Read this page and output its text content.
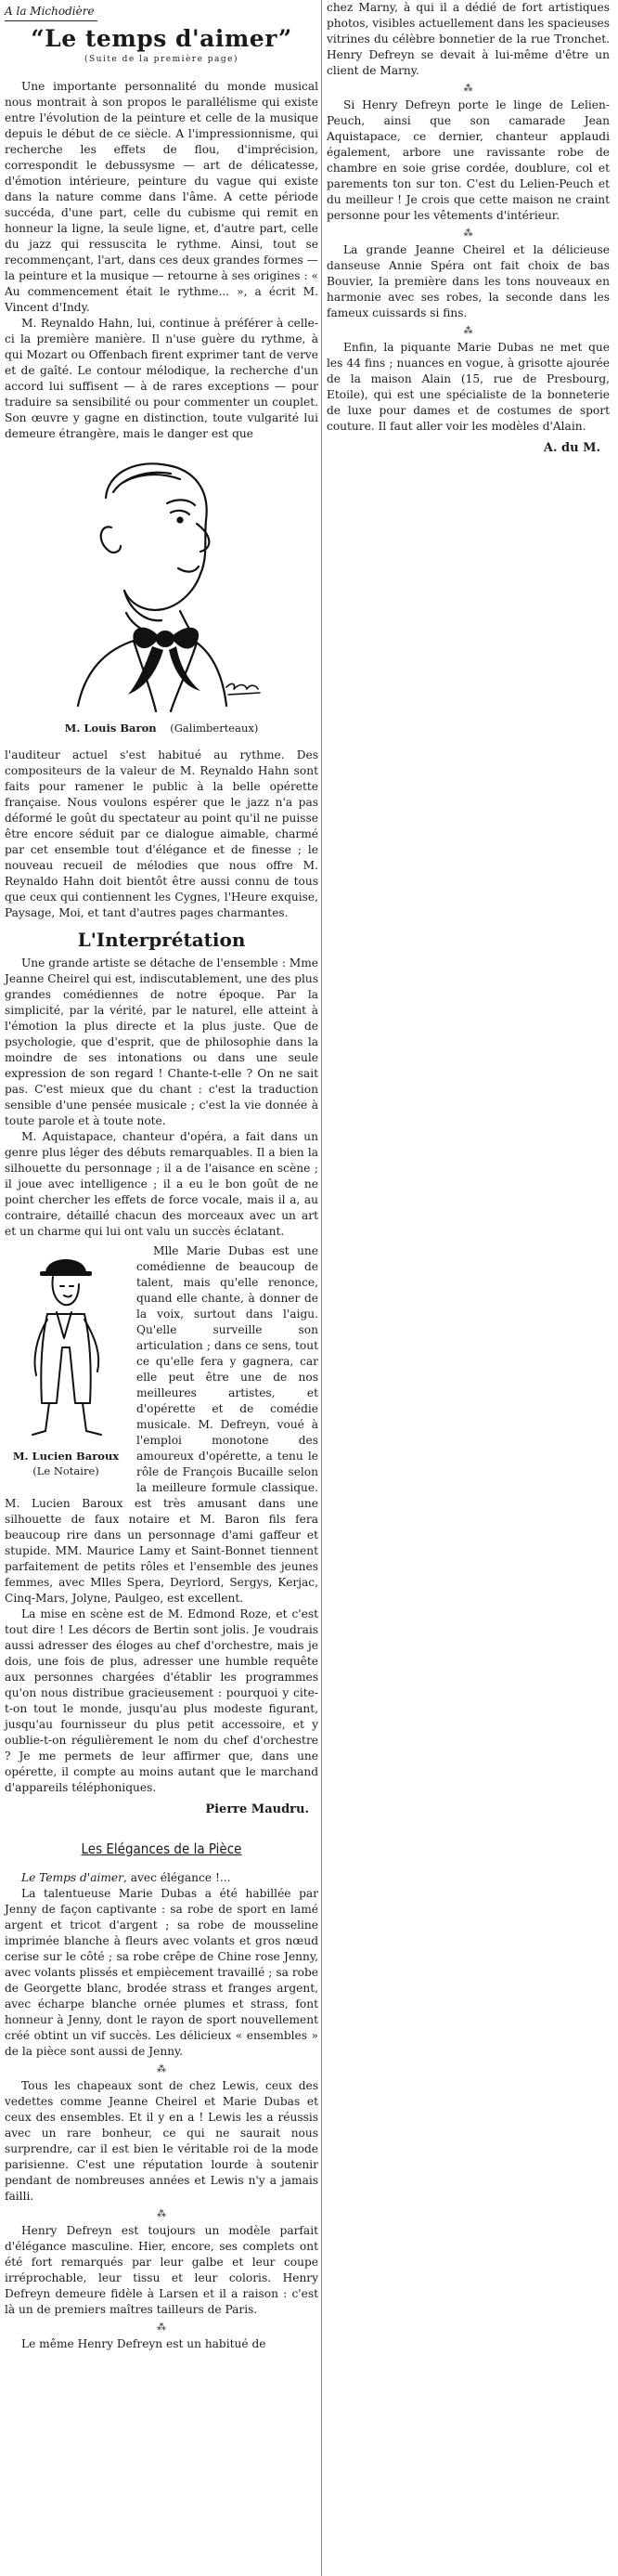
A la Michodière
“Le temps d'aimer”
(Suite de la première page)

Une importante personnalité du monde musical nous montrait à son propos le parallélisme qui existe entre l'évolution de la peinture et celle de la musique depuis le début de ce siècle. A l'impressionnisme, qui recherche les effets de flou, d'imprécision, correspondit le debussysme — art de délicatesse, d'émotion intérieure, peinture du vague qui existe dans la nature comme dans l'âme. A cette période succéda, d'une part, celle du cubisme qui remit en honneur la ligne, la seule ligne, et, d'autre part, celle du jazz qui ressuscita le rythme. Ainsi, tout se recommençant, l'art, dans ces deux grandes formes — la peinture et la musique — retourne à ses origines : « Au commencement était le rythme... », a écrit M. Vincent d'Indy.

M. Reynaldo Hahn, lui, continue à préférer à celle-ci la première manière. Il n'use guère du rythme, à qui Mozart ou Offenbach firent exprimer tant de verve et de gaîté. Le contour mélodique, la recherche d'un accord lui suffisent — à de rares exceptions — pour traduire sa sensibilité ou pour commenter un couplet. Son œuvre y gagne en distinction, toute vulgarité lui demeure étrangère, mais le danger est que

M. Louis Baron (Galimberteaux)

l'auditeur actuel s'est habitué au rythme. Des compositeurs de la valeur de M. Reynaldo Hahn sont faits pour ramener le public à la belle opérette française. Nous voulons espérer que le jazz n'a pas déformé le goût du spectateur au point qu'il ne puisse être encore séduit par ce dialogue aimable, charmé par cet ensemble tout d'élégance et de finesse ; le nouveau recueil de mélodies que nous offre M. Reynaldo Hahn doit bientôt être aussi connu de tous que ceux qui contiennent les Cygnes, l'Heure exquise, Paysage, Moi, et tant d'autres pages charmantes.

L'Interprétation

Une grande artiste se détache de l'ensemble : Mme Jeanne Cheirel qui est, indiscutablement, une des plus grandes comédiennes de notre époque. Par la simplicité, par la vérité, par le naturel, elle atteint à l'émotion la plus directe et la plus juste. Que de psychologie, que d'esprit, que de philosophie dans la moindre de ses intonations ou dans une seule expression de son regard ! Chante-t-elle ? On ne sait pas. C'est mieux que du chant : c'est la traduction sensible d'une pensée musicale ; c'est la vie donnée à toute parole et à toute note.

M. Aquistapace, chanteur d'opéra, a fait dans un genre plus léger des débuts remarquables. Il a bien la silhouette du personnage ; il a de l'aisance en scène ; il joue avec intelligence ; il a eu le bon goût de ne point chercher les effets de force vocale, mais il a, au contraire, détaillé chacun des morceaux avec un art et un charme qui lui ont valu un succès éclatant.

M. Lucien Baroux
(Le Notaire)

Mlle Marie Dubas est une comédienne de beaucoup de talent, mais qu'elle renonce, quand elle chante, à donner de la voix, surtout dans l'aigu. Qu'elle surveille son articulation ; dans ce sens, tout ce qu'elle fera y gagnera, car elle peut être une de nos meilleures artistes, et d'opérette et de comédie musicale. M. Defreyn, voué à l'emploi monotone des amoureux d'opérette, a tenu le rôle de François Bucaille selon la meilleure formule classique. M. Lucien Baroux est très amusant dans une silhouette de faux notaire et M. Baron fils fera beaucoup rire dans un personnage d'ami gaffeur et stupide. MM. Maurice Lamy et Saint-Bonnet tiennent parfaitement de petits rôles et l'ensemble des jeunes femmes, avec Mlles Spera, Deyrlord, Sergys, Kerjac, Cinq-Mars, Jolyne, Paulgeo, est excellent.

La mise en scène est de M. Edmond Roze, et c'est tout dire ! Les décors de Bertin sont jolis. Je voudrais aussi adresser des éloges au chef d'orchestre, mais je dois, une fois de plus, adresser une humble requête aux personnes chargées d'établir les programmes qu'on nous distribue gracieusement : pourquoi y cite-t-on tout le monde, jusqu'au plus modeste figurant, jusqu'au fournisseur du plus petit accessoire, et y oublie-t-on régulièrement le nom du chef d'orchestre ? Je me permets de leur affirmer que, dans une opérette, il compte au moins autant que le marchand d'appareils téléphoniques.

Pierre Maudru.
Les Elégances de la Pièce

Le Temps d'aimer, avec élégance !...

La talentueuse Marie Dubas a été habillée par Jenny de façon captivante : sa robe de sport en lamé argent et tricot d'argent ; sa robe de mousseline imprimée blanche à fleurs avec volants et gros nœud cerise sur le côté ; sa robe crêpe de Chine rose Jenny, avec volants plissés et empiècement travaillé ; sa robe de Georgette blanc, brodée strass et franges argent, avec écharpe blanche ornée plumes et strass, font honneur à Jenny, dont le rayon de sport nouvellement créé obtint un vif succès. Les délicieux « ensembles » de la pièce sont aussi de Jenny.

⁂

Tous les chapeaux sont de chez Lewis, ceux des vedettes comme Jeanne Cheirel et Marie Dubas et ceux des ensembles. Et il y en a ! Lewis les a réussis avec un rare bonheur, ce qui ne saurait nous surprendre, car il est bien le véritable roi de la mode parisienne. C'est une réputation lourde à soutenir pendant de nombreuses années et Lewis n'y a jamais failli.

⁂

Henry Defreyn est toujours un modèle parfait d'élégance masculine. Hier, encore, ses complets ont été fort remarqués par leur galbe et leur coupe irréprochable, leur tissu et leur coloris. Henry Defreyn demeure fidèle à Larsen et il a raison : c'est là un de premiers maîtres tailleurs de Paris.

⁂

Le même Henry Defreyn est un habitué de

chez Marny, à qui il a dédié de fort artistiques photos, visibles actuellement dans les spacieuses vitrines du célèbre bonnetier de la rue Tronchet. Henry Defreyn se devait à lui-même d'être un client de Marny.

⁂

Si Henry Defreyn porte le linge de Lelien-Peuch, ainsi que son camarade Jean Aquistapace, ce dernier, chanteur applaudi également, arbore une ravissante robe de chambre en soie grise cordée, doublure, col et parements ton sur ton. C'est du Lelien-Peuch et du meilleur ! Je crois que cette maison ne craint personne pour les vêtements d'intérieur.

⁂

La grande Jeanne Cheirel et la délicieuse danseuse Annie Spéra ont fait choix de bas Bouvier, la première dans les tons nouveaux en harmonie avec ses robes, la seconde dans les fameux cuissards si fins.

⁂

Enfin, la piquante Marie Dubas ne met que les 44 fins ; nuances en vogue, à grisotte ajourée de la maison Alain (15, rue de Presbourg, Etoile), qui est une spécialiste de la bonneterie de luxe pour dames et de costumes de sport couture. Il faut aller voir les modèles d'Alain.

A. du M.
